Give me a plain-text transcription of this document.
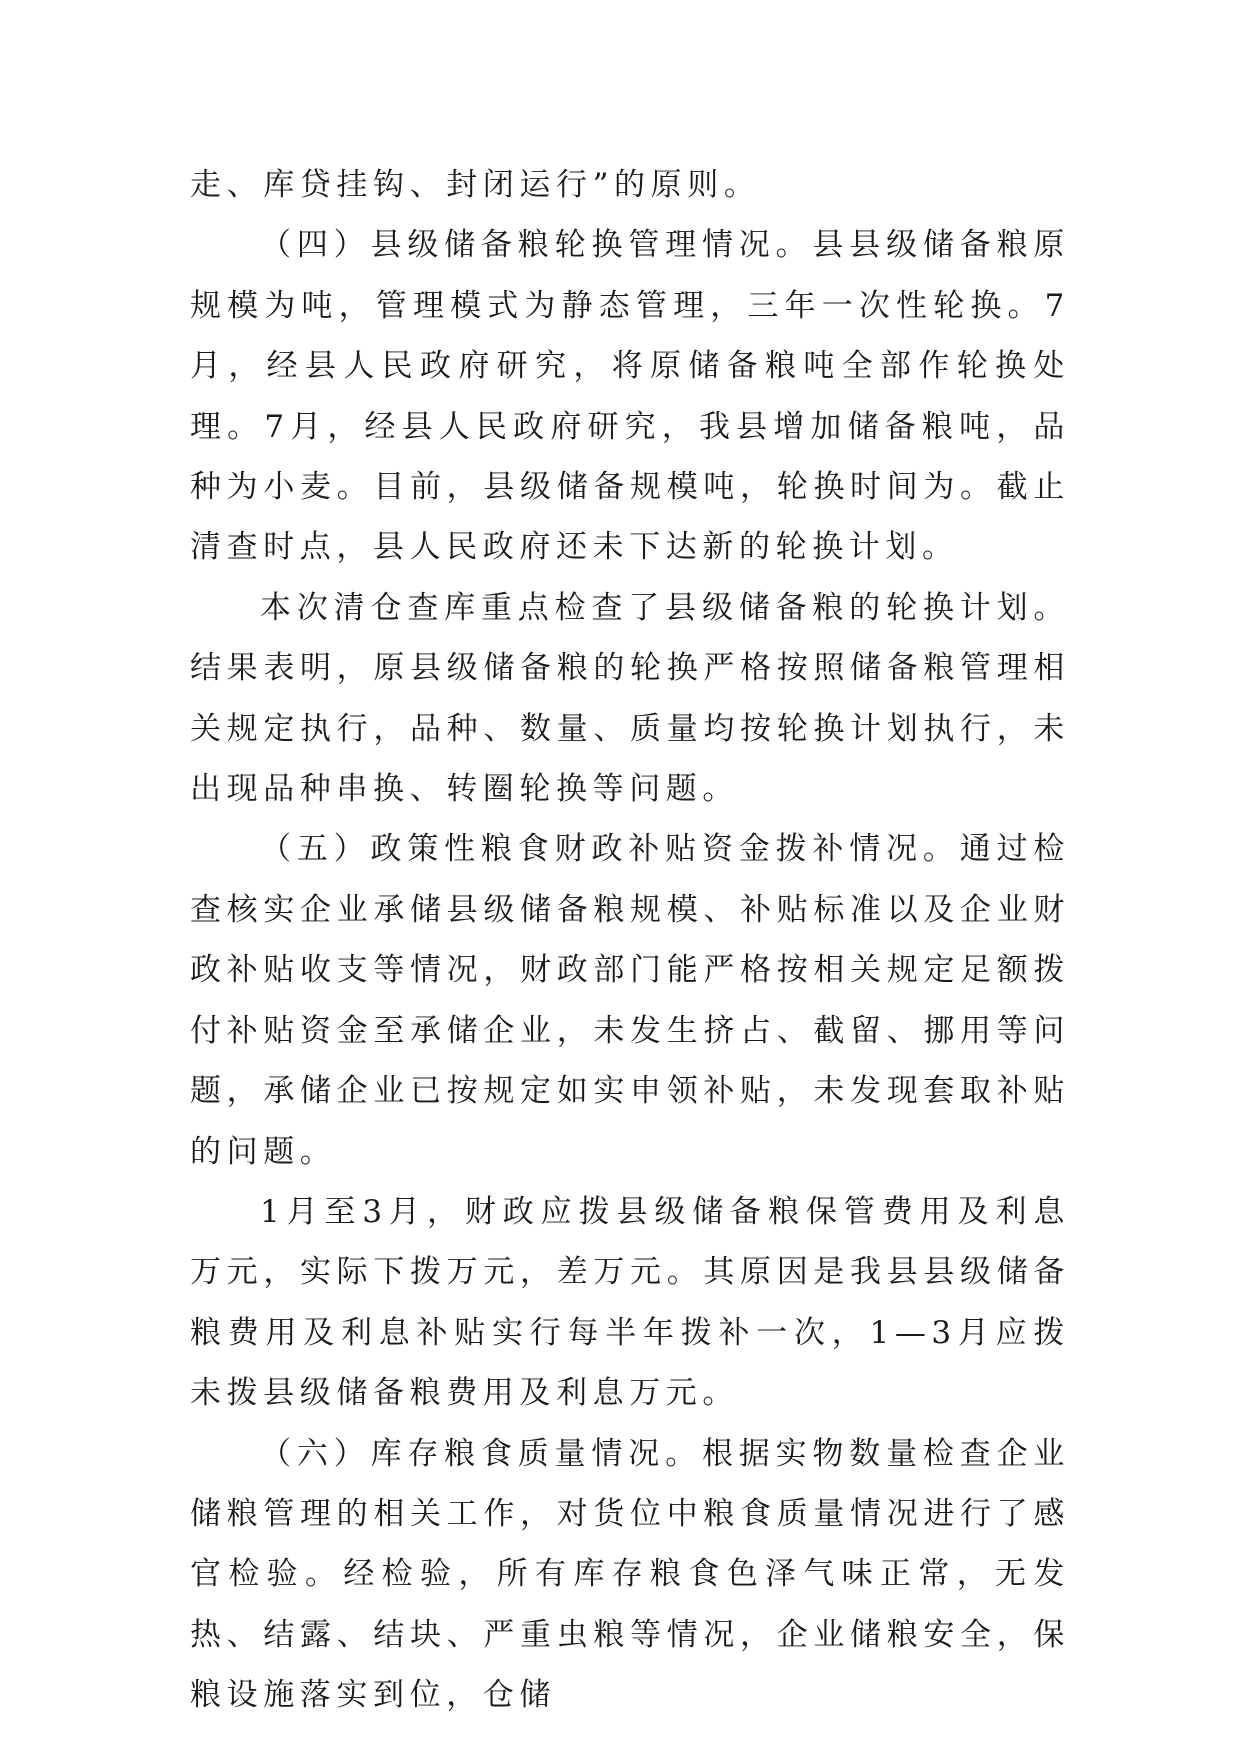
走、库贷挂钩、封闭运行”的原则。

（四）县级储备粮轮换管理情况。县县级储备粮原规模为吨，管理模式为静态管理，三年一次性轮换。7月，经县人民政府研究，将原储备粮吨全部作轮换处理。7月，经县人民政府研究，我县增加储备粮吨，品种为小麦。目前，县级储备规模吨，轮换时间为。截止清查时点，县人民政府还未下达新的轮换计划。

本次清仓查库重点检查了县级储备粮的轮换计划。结果表明，原县级储备粮的轮换严格按照储备粮管理相关规定执行，品种、数量、质量均按轮换计划执行，未出现品种串换、转圈轮换等问题。

（五）政策性粮食财政补贴资金拨补情况。通过检查核实企业承储县级储备粮规模、补贴标准以及企业财政补贴收支等情况，财政部门能严格按相关规定足额拨付补贴资金至承储企业，未发生挤占、截留、挪用等问题，承储企业已按规定如实申领补贴，未发现套取补贴的问题。

1月至3月，财政应拨县级储备粮保管费用及利息万元，实际下拨万元，差万元。其原因是我县县级储备粮费用及利息补贴实行每半年拨补一次，1—3月应拨未拨县级储备粮费用及利息万元。

（六）库存粮食质量情况。根据实物数量检查企业储粮管理的相关工作，对货位中粮食质量情况进行了感官检验。经检验，所有库存粮食色泽气味正常，无发热、结露、结块、严重虫粮等情况，企业储粮安全，保粮设施落实到位，仓储
